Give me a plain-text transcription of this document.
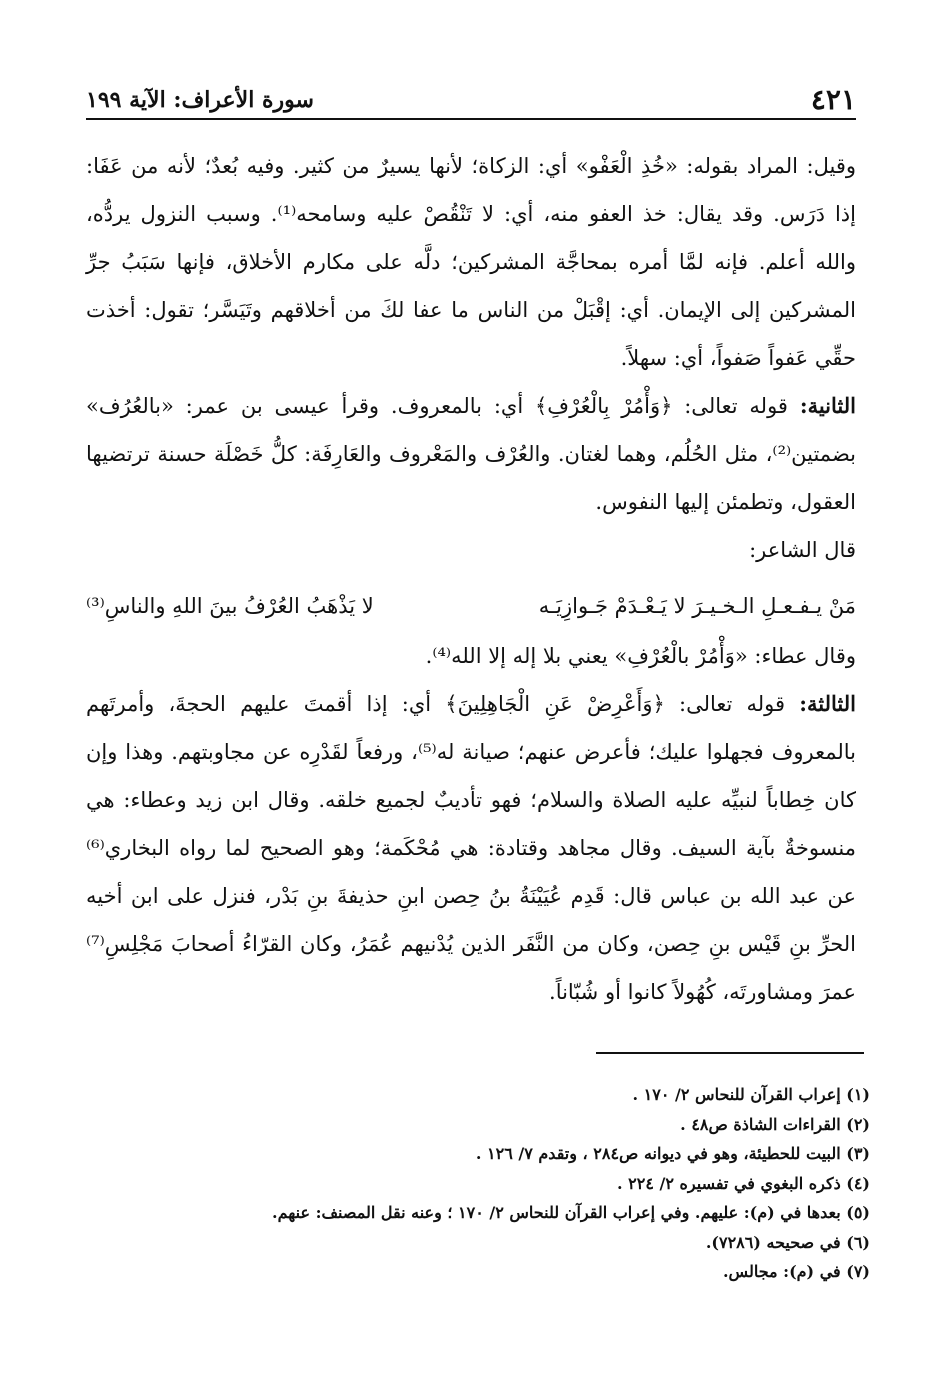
٤٢١
سورة الأعراف: الآية ١٩٩

وقيل: المراد بقوله: «خُذِ الْعَفْو» أي: الزكاة؛ لأنها يسيرٌ من كثير. وفيه بُعدٌ؛ لأنه من عَفَا: إذا دَرَس. وقد يقال: خذ العفو منه، أي: لا تَنْقُصْ عليه وسامحه⁽¹⁾. وسبب النزول يردُّه، والله أعلم. فإنه لمَّا أمره بمحاجَّة المشركين؛ دلَّه على مكارم الأخلاق، فإنها سَبَبُ جرِّ المشركين إلى الإيمان. أي: إقْبَلْ من الناس ما عفا لكَ من أخلاقهم وتَيَسَّر؛ تقول: أخذت حقِّي عَفواً صَفواً، أي: سهلاً.

الثانية: قوله تعالى: ﴿وَأْمُرْ بِالْعُرْفِ﴾ أي: بالمعروف. وقرأ عيسى بن عمر: «بالعُرُف» بضمتين⁽²⁾، مثل الحُلُم، وهما لغتان. والعُرْف والمَعْروف والعَارِفَة: كلُّ خَصْلَة حسنة ترتضيها العقول، وتطمئن إليها النفوس.

قال الشاعر:

مَنْ يـفـعـلِ الـخـيـرَ لا يَـعْـدَمْ جَـوازِيَـه
لا يَذْهَبُ العُرْفُ بينَ اللهِ والناسِ⁽³⁾

وقال عطاء: «وَأْمُرْ بالْعُرْفِ» يعني بلا إله إلا الله⁽⁴⁾.

الثالثة: قوله تعالى: ﴿وَأَعْرِضْ عَنِ الْجَاهِلِينَ﴾ أي: إذا أقمتَ عليهم الحجةَ، وأمرتَهم بالمعروف فجهلوا عليك؛ فأعرض عنهم؛ صيانة له⁽⁵⁾، ورفعاً لقَدْرِه عن مجاوبتهم. وهذا وإن كان خِطاباً لنبيِّه عليه الصلاة والسلام؛ فهو تأديبٌ لجميع خلقه. وقال ابن زيد وعطاء: هي منسوخةٌ بآية السيف. وقال مجاهد وقتادة: هي مُحْكَمة؛ وهو الصحيح لما رواه البخاري⁽⁶⁾ عن عبد الله بن عباس قال: قَدِم عُيَيْنَةُ بنُ حِصن ابنِ حذيفةَ بنِ بَدْر، فنزل على ابن أخيه الحرِّ بنِ قَيْس بنِ حِصن، وكان من النَّفَر الذين يُدْنيهم عُمَرُ، وكان القرّاءُ أصحابَ مَجْلِسِ⁽⁷⁾ عمرَ ومشاورتَه، كُهُولاً كانوا أو شُبّاناً.

(١) إعراب القرآن للنحاس ٢/ ١٧٠ .
(٢) القراءات الشاذة ص٤٨ .
(٣) البيت للحطيئة، وهو في ديوانه ص٢٨٤ ، وتقدم ٧/ ١٢٦ .
(٤) ذكره البغوي في تفسيره ٢/ ٢٢٤ .
(٥) بعدها في (م): عليهم. وفي إعراب القرآن للنحاس ٢/ ١٧٠ ؛ وعنه نقل المصنف: عنهم.
(٦) في صحيحه (٧٢٨٦).
(٧) في (م): مجالس.
